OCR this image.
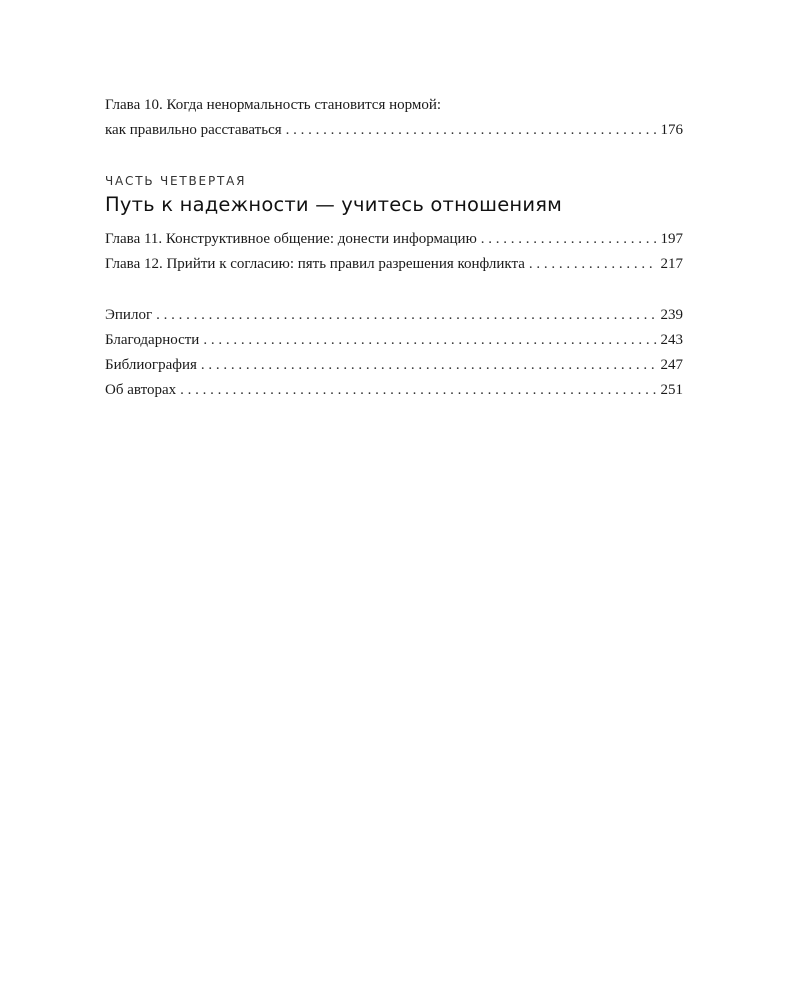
Глава 10. Когда ненормальность становится нормой:
как правильно расставаться . . .	176
ЧАСТЬ ЧЕТВЕРТАЯ
Путь к надежности — учитесь отношениям
Глава 11. Конструктивное общение: донести информацию . . .	197
Глава 12. Прийти к согласию: пять правил разрешения конфликта . . .	217
Эпилог . . .	239
Благодарности . . .	243
Библиография . . .	247
Об авторах . . .	251
